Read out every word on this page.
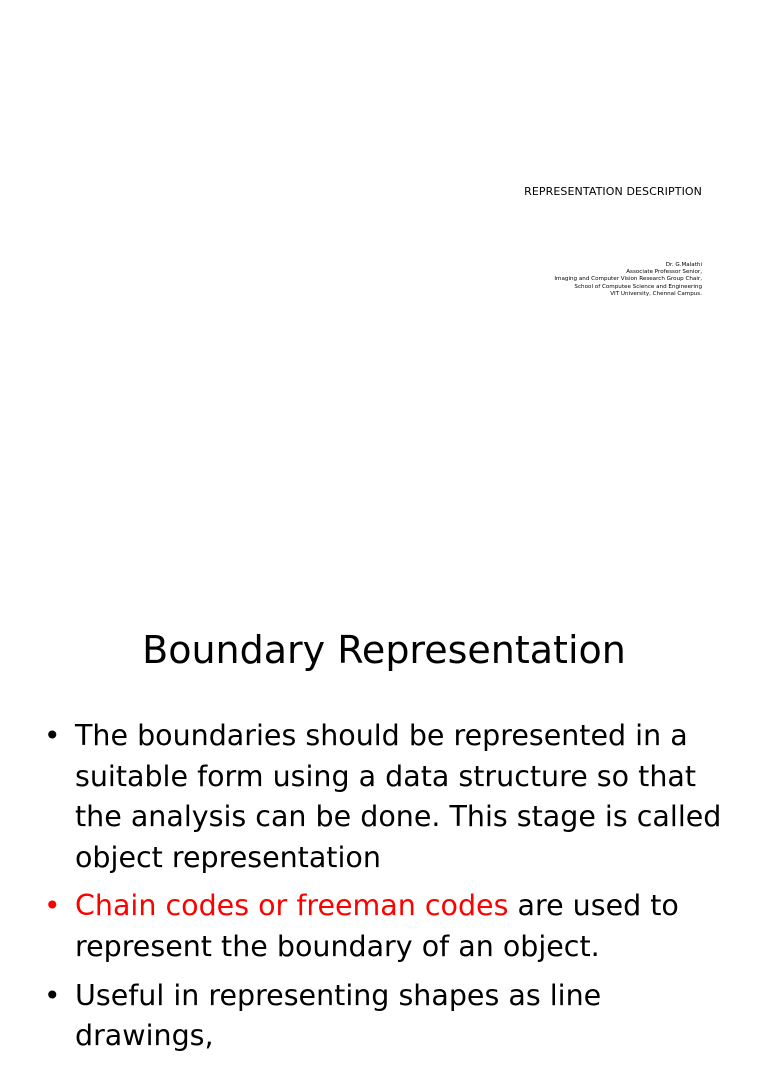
REPRESENTATION DESCRIPTION
Dr. G.Malathi
Associate Professor Senior,
Imaging and Computer Vision Research Group Chair,
School of Computee Science and Engineering
VIT University, Chennai Campus.
Boundary Representation
• The boundaries should be represented in a suitable form using a data structure so that the analysis can be done. This stage is called object representation
• Chain codes or freeman codes are used to represent the boundary of an object.
• Useful in representing shapes as line drawings,
